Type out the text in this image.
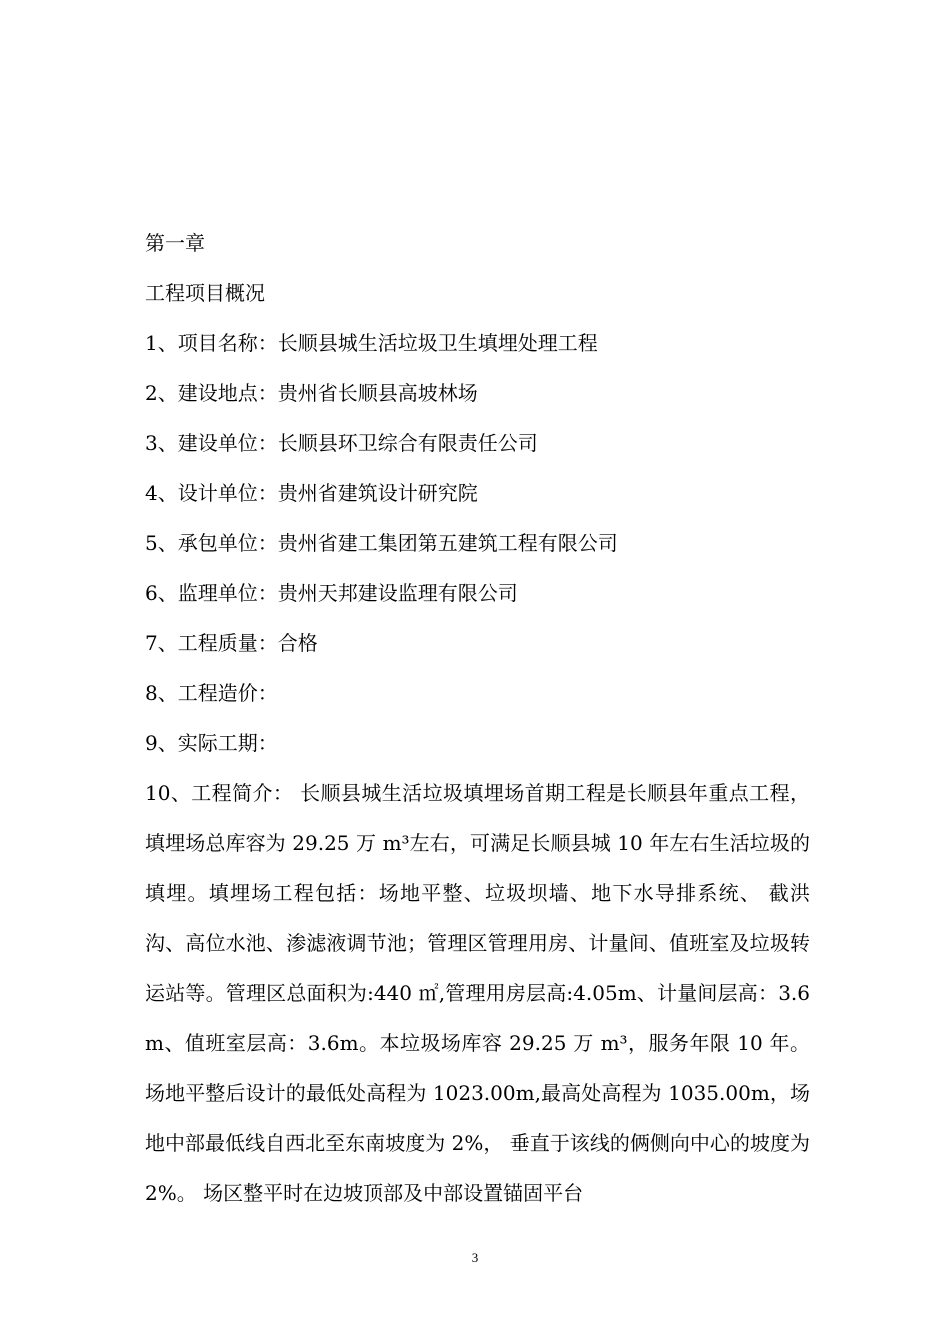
第一章
工程项目概况
1、项目名称：长顺县城生活垃圾卫生填埋处理工程
2、建设地点：贵州省长顺县高坡林场
3、建设单位：长顺县环卫综合有限责任公司
4、设计单位：贵州省建筑设计研究院
5、承包单位：贵州省建工集团第五建筑工程有限公司
6、监理单位：贵州天邦建设监理有限公司
7、工程质量：合格
8、工程造价：
9、实际工期：
10、工程简介： 长顺县城生活垃圾填埋场首期工程是长顺县年重点工程，填埋场总库容为 29.25 万 m³左右，可满足长顺县城 10 年左右生活垃圾的填埋。填埋场工程包括：场地平整、垃圾坝墙、地下水导排系统、 截洪沟、高位水池、渗滤液调节池；管理区管理用房、计量间、值班室及垃圾转运站等。管理区总面积为:440 ㎡,管理用房层高:4.05m、计量间层高：3.6m、值班室层高：3.6m。本垃圾场库容 29.25 万 m³，服务年限 10 年。场地平整后设计的最低处高程为 1023.00m,最高处高程为 1035.00m，场地中部最低线自西北至东南坡度为 2%， 垂直于该线的俩侧向中心的坡度为 2%。 场区整平时在边坡顶部及中部设置锚固平台
3
